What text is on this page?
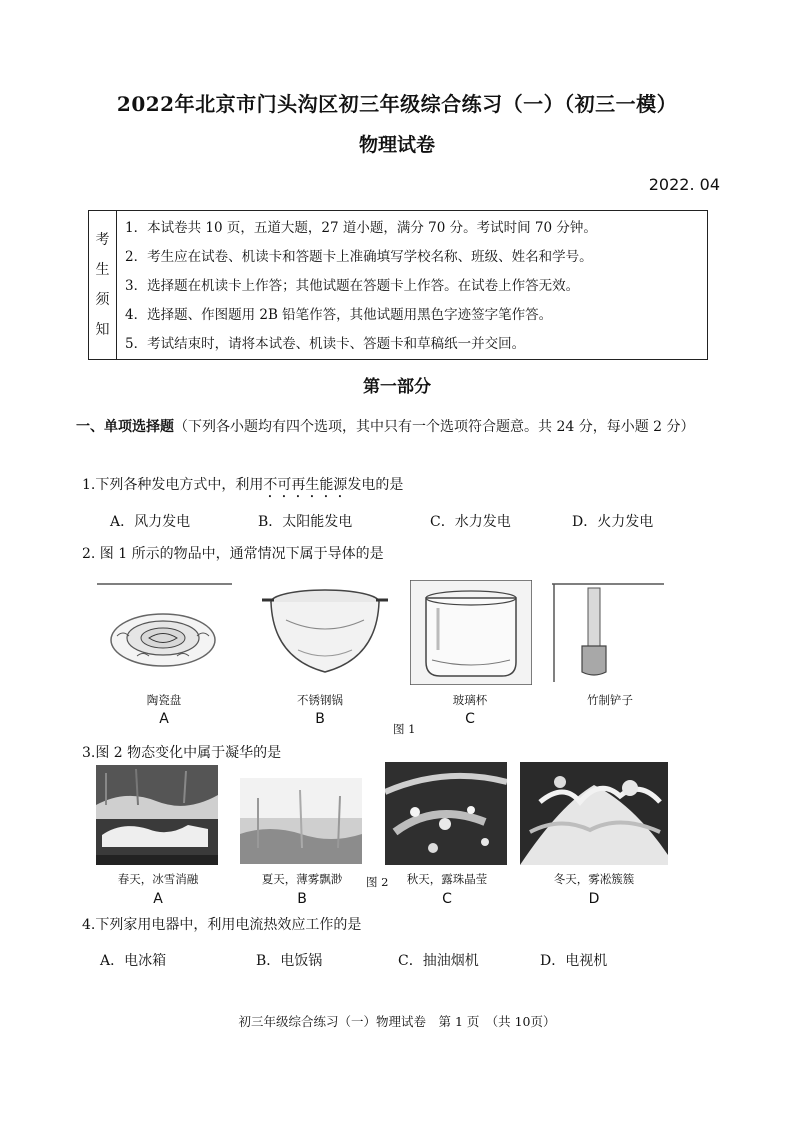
2022年北京市门头沟区初三年级综合练习（一）（初三一模）
物理试卷
2022. 04
考
生
须
知
1．本试卷共 10 页，五道大题，27 道小题，满分 70 分。考试时间 70 分钟。
2．考生应在试卷、机读卡和答题卡上准确填写学校名称、班级、姓名和学号。
3．选择题在机读卡上作答；其他试题在答题卡上作答。在试卷上作答无效。
4．选择题、作图题用 2B 铅笔作答，其他试题用黑色字迹签字笔作答。
5．考试结束时，请将本试卷、机读卡、答题卡和草稿纸一并交回。
第一部分
一、单项选择题（下列各小题均有四个选项，其中只有一个选项符合题意。共 24 分，每小题 2 分）
1.下列各种发电方式中，利用不可再生能源发电的是
A．风力发电	B．太阳能发电	C．水力发电	D．火力发电
2. 图 1 所示的物品中，通常情况下属于导体的是
陶瓷盘	不锈钢锅	玻璃杯	竹制铲子
A	B	C
图 1
3.图 2 物态变化中属于凝华的是
春天，冰雪消融	夏天，薄雾飘渺	秋天，露珠晶莹	冬天，雾凇簇簇
A	B	C	D
图 2
4.下列家用电器中，利用电流热效应工作的是
A．电冰箱	B．电饭锅	C．抽油烟机	D．电视机
初三年级综合练习（一）物理试卷　第 1 页　（共 10页）
